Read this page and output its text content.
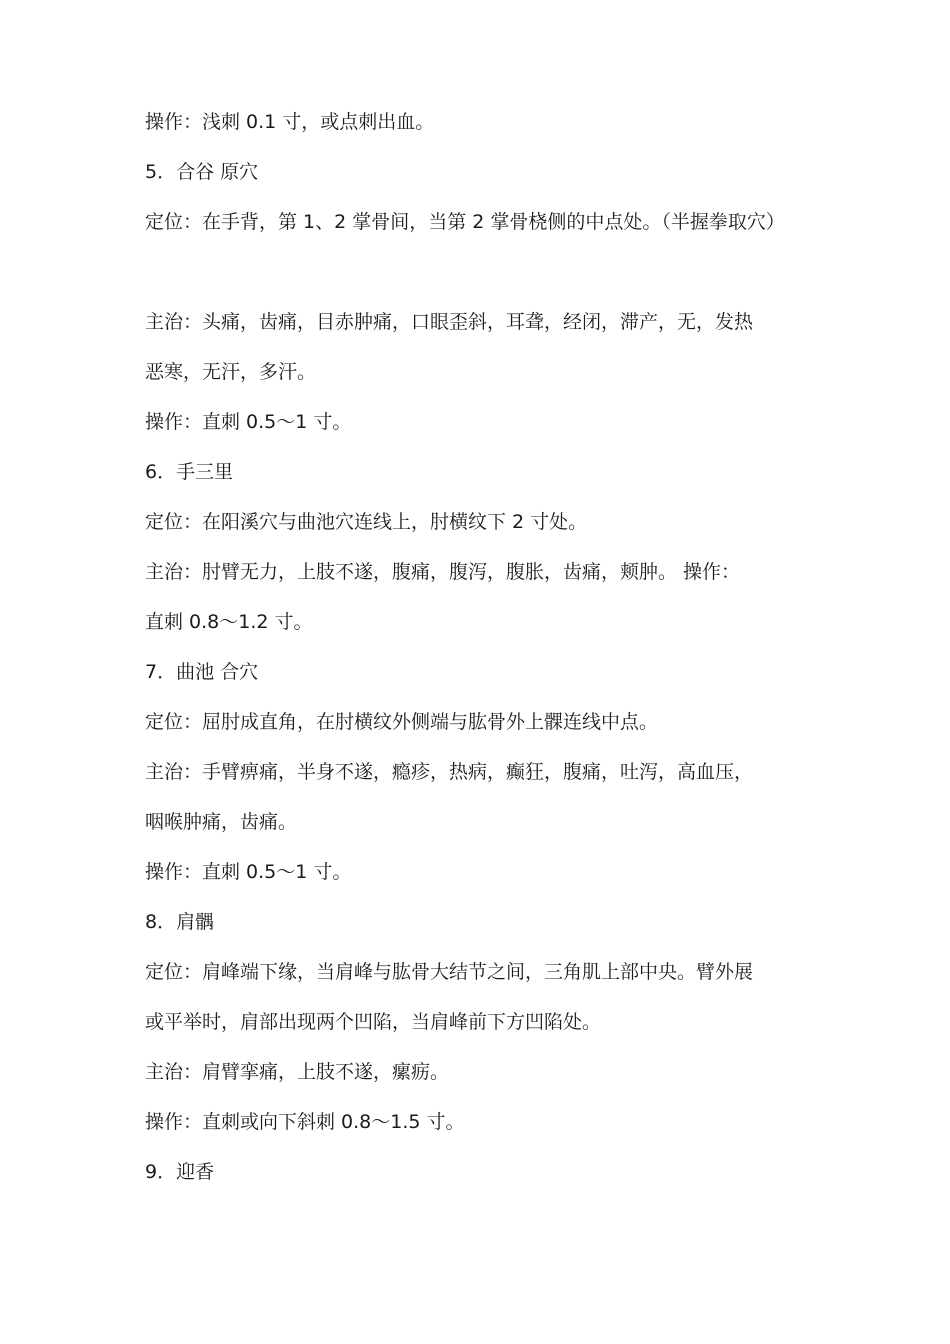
操作：浅刺 0.1 寸，或点刺出血。
5．合谷 原穴
定位：在手背，第 1、2 掌骨间，当第 2 掌骨桡侧的中点处。（半握拳取穴）
主治：头痛，齿痛，目赤肿痛，口眼歪斜，耳聋，经闭，滞产，无，发热
恶寒，无汗，多汗。
操作：直刺 0.5～1 寸。
6．手三里
定位：在阳溪穴与曲池穴连线上，肘横纹下 2 寸处。
主治：肘臂无力，上肢不遂，腹痛，腹泻，腹胀，齿痛，颊肿。 操作：
直刺 0.8～1.2 寸。
7．曲池 合穴
定位：屈肘成直角，在肘横纹外侧端与肱骨外上髁连线中点。
主治：手臂痹痛，半身不遂，瘾疹，热病，癫狂，腹痛，吐泻，高血压，
咽喉肿痛，齿痛。
操作：直刺 0.5～1 寸。
8．肩髃
定位：肩峰端下缘，当肩峰与肱骨大结节之间，三角肌上部中央。臂外展
或平举时，肩部出现两个凹陷，当肩峰前下方凹陷处。
主治：肩臂挛痛，上肢不遂，瘰疬。
操作：直刺或向下斜刺 0.8～1.5 寸。
9．迎香
